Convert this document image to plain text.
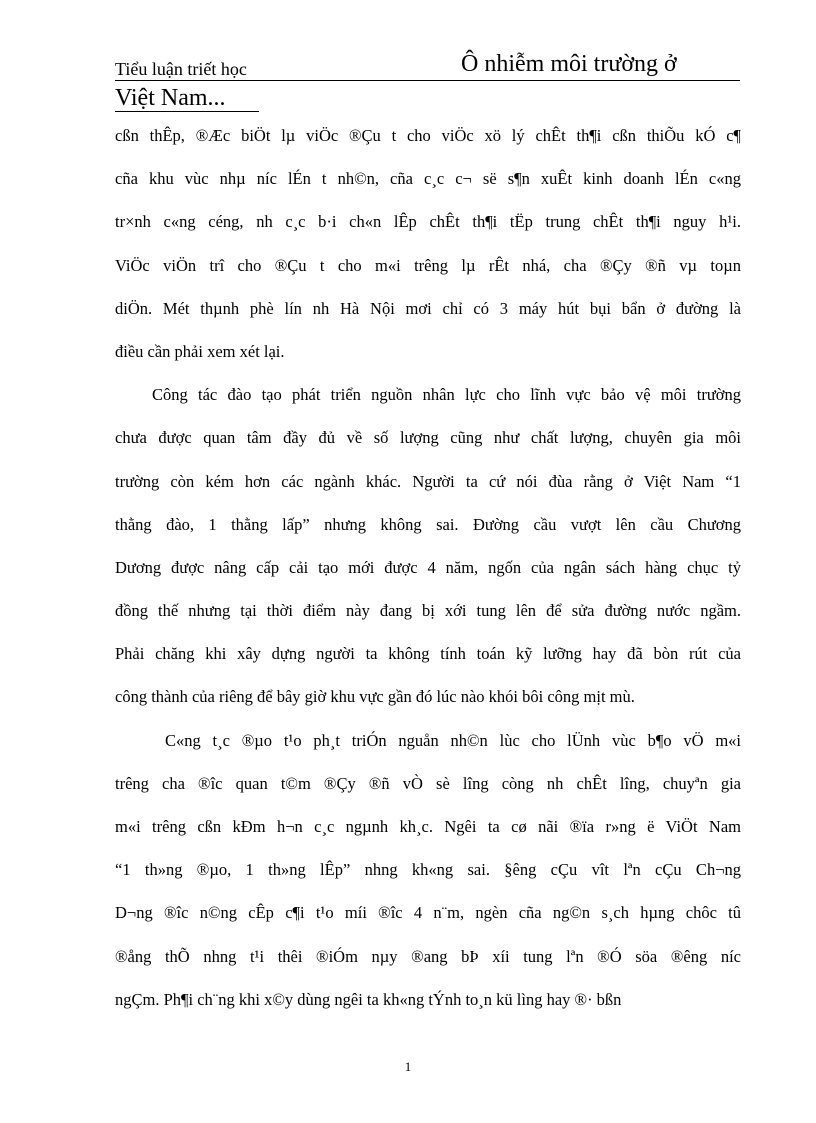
Tiểu luận triết học	Ô nhiễm môi trường ở
Việt Nam...
cßn thÊp, ®Æc biÖt lµ viÖc ®Çu t cho viÖc xö lý chÊt th¶i cßn thiÕu kÓ c¶
cña khu vùc nhµ níc lÉn t nh©n, cña c¸c c¬ së s¶n xuÊt kinh doanh lÉn c«ng
tr×nh c«ng céng, nh c¸c b·i ch«n lÊp chÊt th¶i tËp trung chÊt th¶i nguy h¹i.
ViÖc viÖn trî cho ®Çu t cho m«i trêng lµ rÊt nhá, cha ®Çy ®ñ vµ toµn
diÖn. Mét thµnh phè lín nh Hà Nội mơi chỉ có 3 máy hút bụi bẩn ở đường là
điều cần phải xem xét lại.
Công tác đào tạo phát triển nguồn nhân lực cho lĩnh vực bảo vệ môi trường
chưa được quan tâm đầy đủ về số lượng cũng như chất lượng, chuyên gia môi
trường còn kém hơn các ngành khác. Người ta cứ nói đùa rằng ở Việt Nam “1
thằng đào, 1 thằng lấp” nhưng không sai. Đường cầu vượt lên cầu Chương
Dương được nâng cấp cải tạo mới được 4 năm, ngốn của ngân sách hàng chục tỷ
đồng thế nhưng tại thời điểm này đang bị xới tung lên để sửa đường nước ngầm.
Phải chăng khi xây dựng người ta không tính toán kỹ lưỡng hay đã bòn rút của
công thành của riêng để bây giờ khu vực gần đó lúc nào khói bôi công mịt mù.
C«ng t¸c ®µo t¹o ph¸t triÓn nguån nh©n lùc cho lÜnh vùc b¶o vÖ m«i
trêng cha ®îc quan t©m ®Çy ®ñ vÒ sè lîng còng nh chÊt lîng, chuyªn gia
m«i trêng cßn kÐm h¬n c¸c ngµnh kh¸c. Ngêi ta cø nãi ®ïa r»ng ë ViÖt Nam
“1 th»ng ®µo, 1 th»ng lÊp” nhng kh«ng sai. §êng cÇu vît lªn cÇu Ch¬ng
D¬ng ®îc n©ng cÊp c¶i t¹o míi ®îc 4 n¨m, ngèn cña ng©n s¸ch hµng chôc tû
®ång thÕ nhng t¹i thêi ®iÓm nµy ®ang bÞ xíi tung lªn ®Ó söa ®êng níc
ngÇm. Ph¶i ch¨ng khi x©y dùng ngêi ta kh«ng tÝnh to¸n kü lìng hay ®· bßn
1
